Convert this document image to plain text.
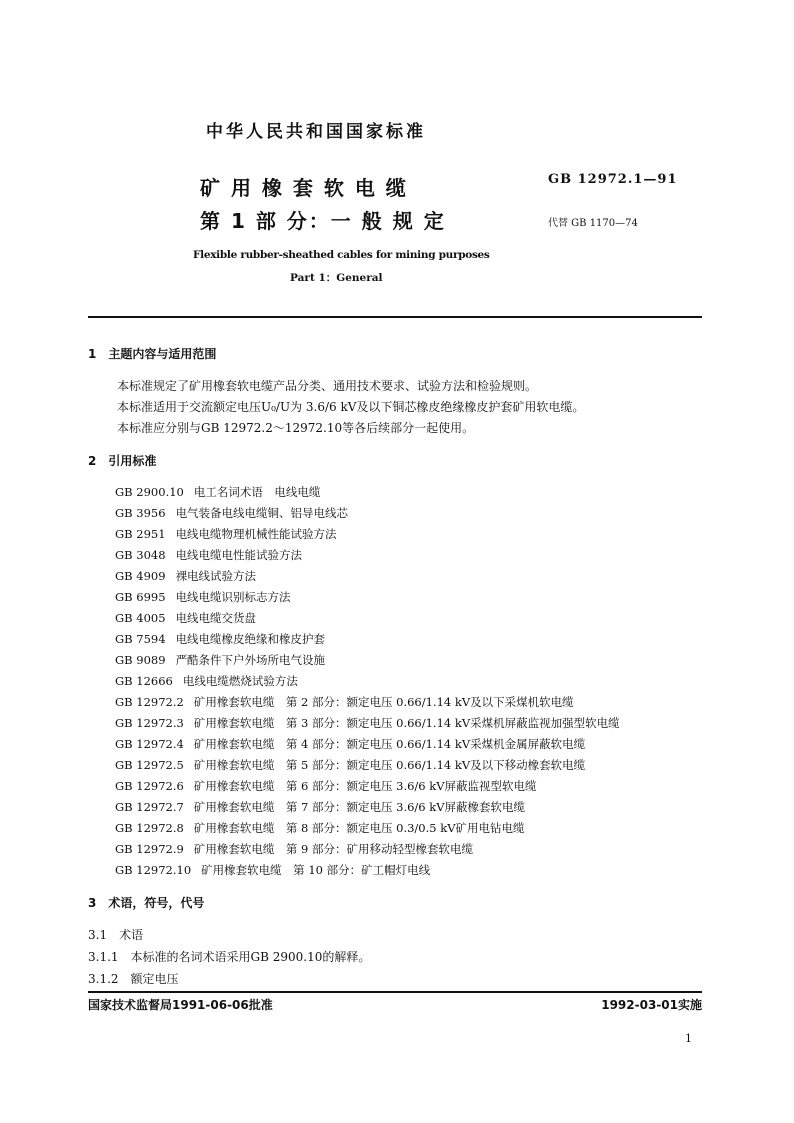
中华人民共和国国家标准
矿 用 橡 套 软 电 缆
第 1 部 分：一 般 规 定
GB 12972.1—91
代替 GB 1170—74
Flexible rubber-sheathed cables for mining purposes
Part 1：General
1　主题内容与适用范围
本标准规定了矿用橡套软电缆产品分类、通用技术要求、试验方法和检验规则。
本标准适用于交流额定电压U₀/U为 3.6/6 kV及以下铜芯橡皮绝缘橡皮护套矿用软电缆。
本标准应分别与GB 12972.2～12972.10等各后续部分一起使用。
2　引用标准
GB 2900.10 电工名词术语　电线电缆
GB 3956 电气装备电线电缆铜、铝导电线芯
GB 2951 电线电缆物理机械性能试验方法
GB 3048 电线电缆电性能试验方法
GB 4909 裸电线试验方法
GB 6995 电线电缆识别标志方法
GB 4005 电线电缆交货盘
GB 7594 电线电缆橡皮绝缘和橡皮护套
GB 9089 严酷条件下户外场所电气设施
GB 12666 电线电缆燃烧试验方法
GB 12972.2 矿用橡套软电缆　第 2 部分：额定电压 0.66/1.14 kV及以下采煤机软电缆
GB 12972.3 矿用橡套软电缆　第 3 部分：额定电压 0.66/1.14 kV采煤机屏蔽监视加强型软电缆
GB 12972.4 矿用橡套软电缆　第 4 部分：额定电压 0.66/1.14 kV采煤机金属屏蔽软电缆
GB 12972.5 矿用橡套软电缆　第 5 部分：额定电压 0.66/1.14 kV及以下移动橡套软电缆
GB 12972.6 矿用橡套软电缆　第 6 部分：额定电压 3.6/6 kV屏蔽监视型软电缆
GB 12972.7 矿用橡套软电缆　第 7 部分：额定电压 3.6/6 kV屏蔽橡套软电缆
GB 12972.8 矿用橡套软电缆　第 8 部分：额定电压 0.3/0.5 kV矿用电钻电缆
GB 12972.9 矿用橡套软电缆　第 9 部分：矿用移动轻型橡套软电缆
GB 12972.10 矿用橡套软电缆　第 10 部分：矿工帽灯电线
3　术语，符号，代号
3.1　术语
3.1.1　本标准的名词术语采用GB 2900.10的解释。
3.1.2　额定电压
国家技术监督局1991-06-06批准	1992-03-01实施
1
